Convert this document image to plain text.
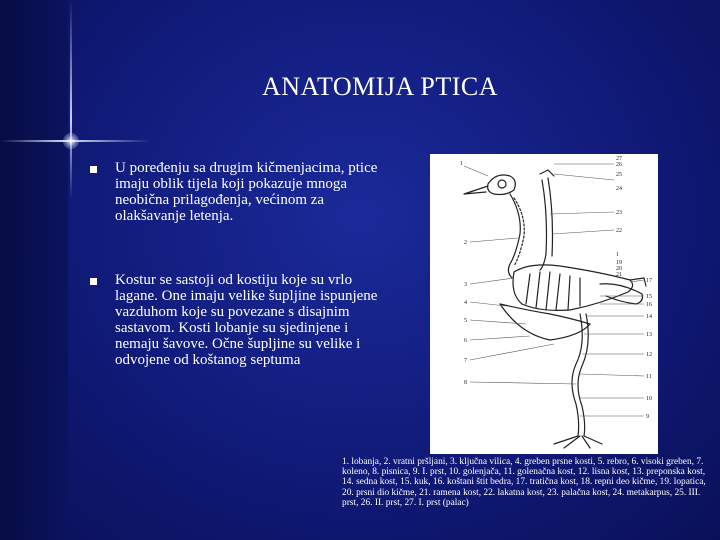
ANATOMIJA PTICA
U poređenju sa drugim kičmenjacima, ptice imaju oblik tijela koji pokazuje mnoga neobična prilagođenja, većinom za olakšavanje letenja.
Kostur se sastoji od kostiju koje su vrlo lagane. One imaju velike šupljine ispunjene vazduhom koje su povezane s disajnim sastavom. Kosti lobanje su sjedinjene i nemaju šavove. Očne šupljine su velike i odvojene od koštanog septuma
1
2
3
4
5
6
7
8
27
26
25
24
23
22
1
19
20
21
17
15
16
14
13
12
11
10
9
1. lobanja, 2. vratni pršljani, 3. ključna vilica, 4. greben prsne kosti, 5. rebro, 6. visoki greben, 7. koleno, 8. pisnica, 9. I. prst, 10. golenjača, 11. golenačna kost, 12. lisna kost, 13. preponska kost, 14. sedna kost, 15. kuk, 16. koštani štit bedra, 17. tratična kost, 18. repni deo kičme, 19. lopatica, 20. prsni dio kičme, 21. ramena kost, 22. lakatna kost, 23. palačna kost, 24. metakarpus, 25. III. prst, 26. II. prst, 27. I. prst (palac)
